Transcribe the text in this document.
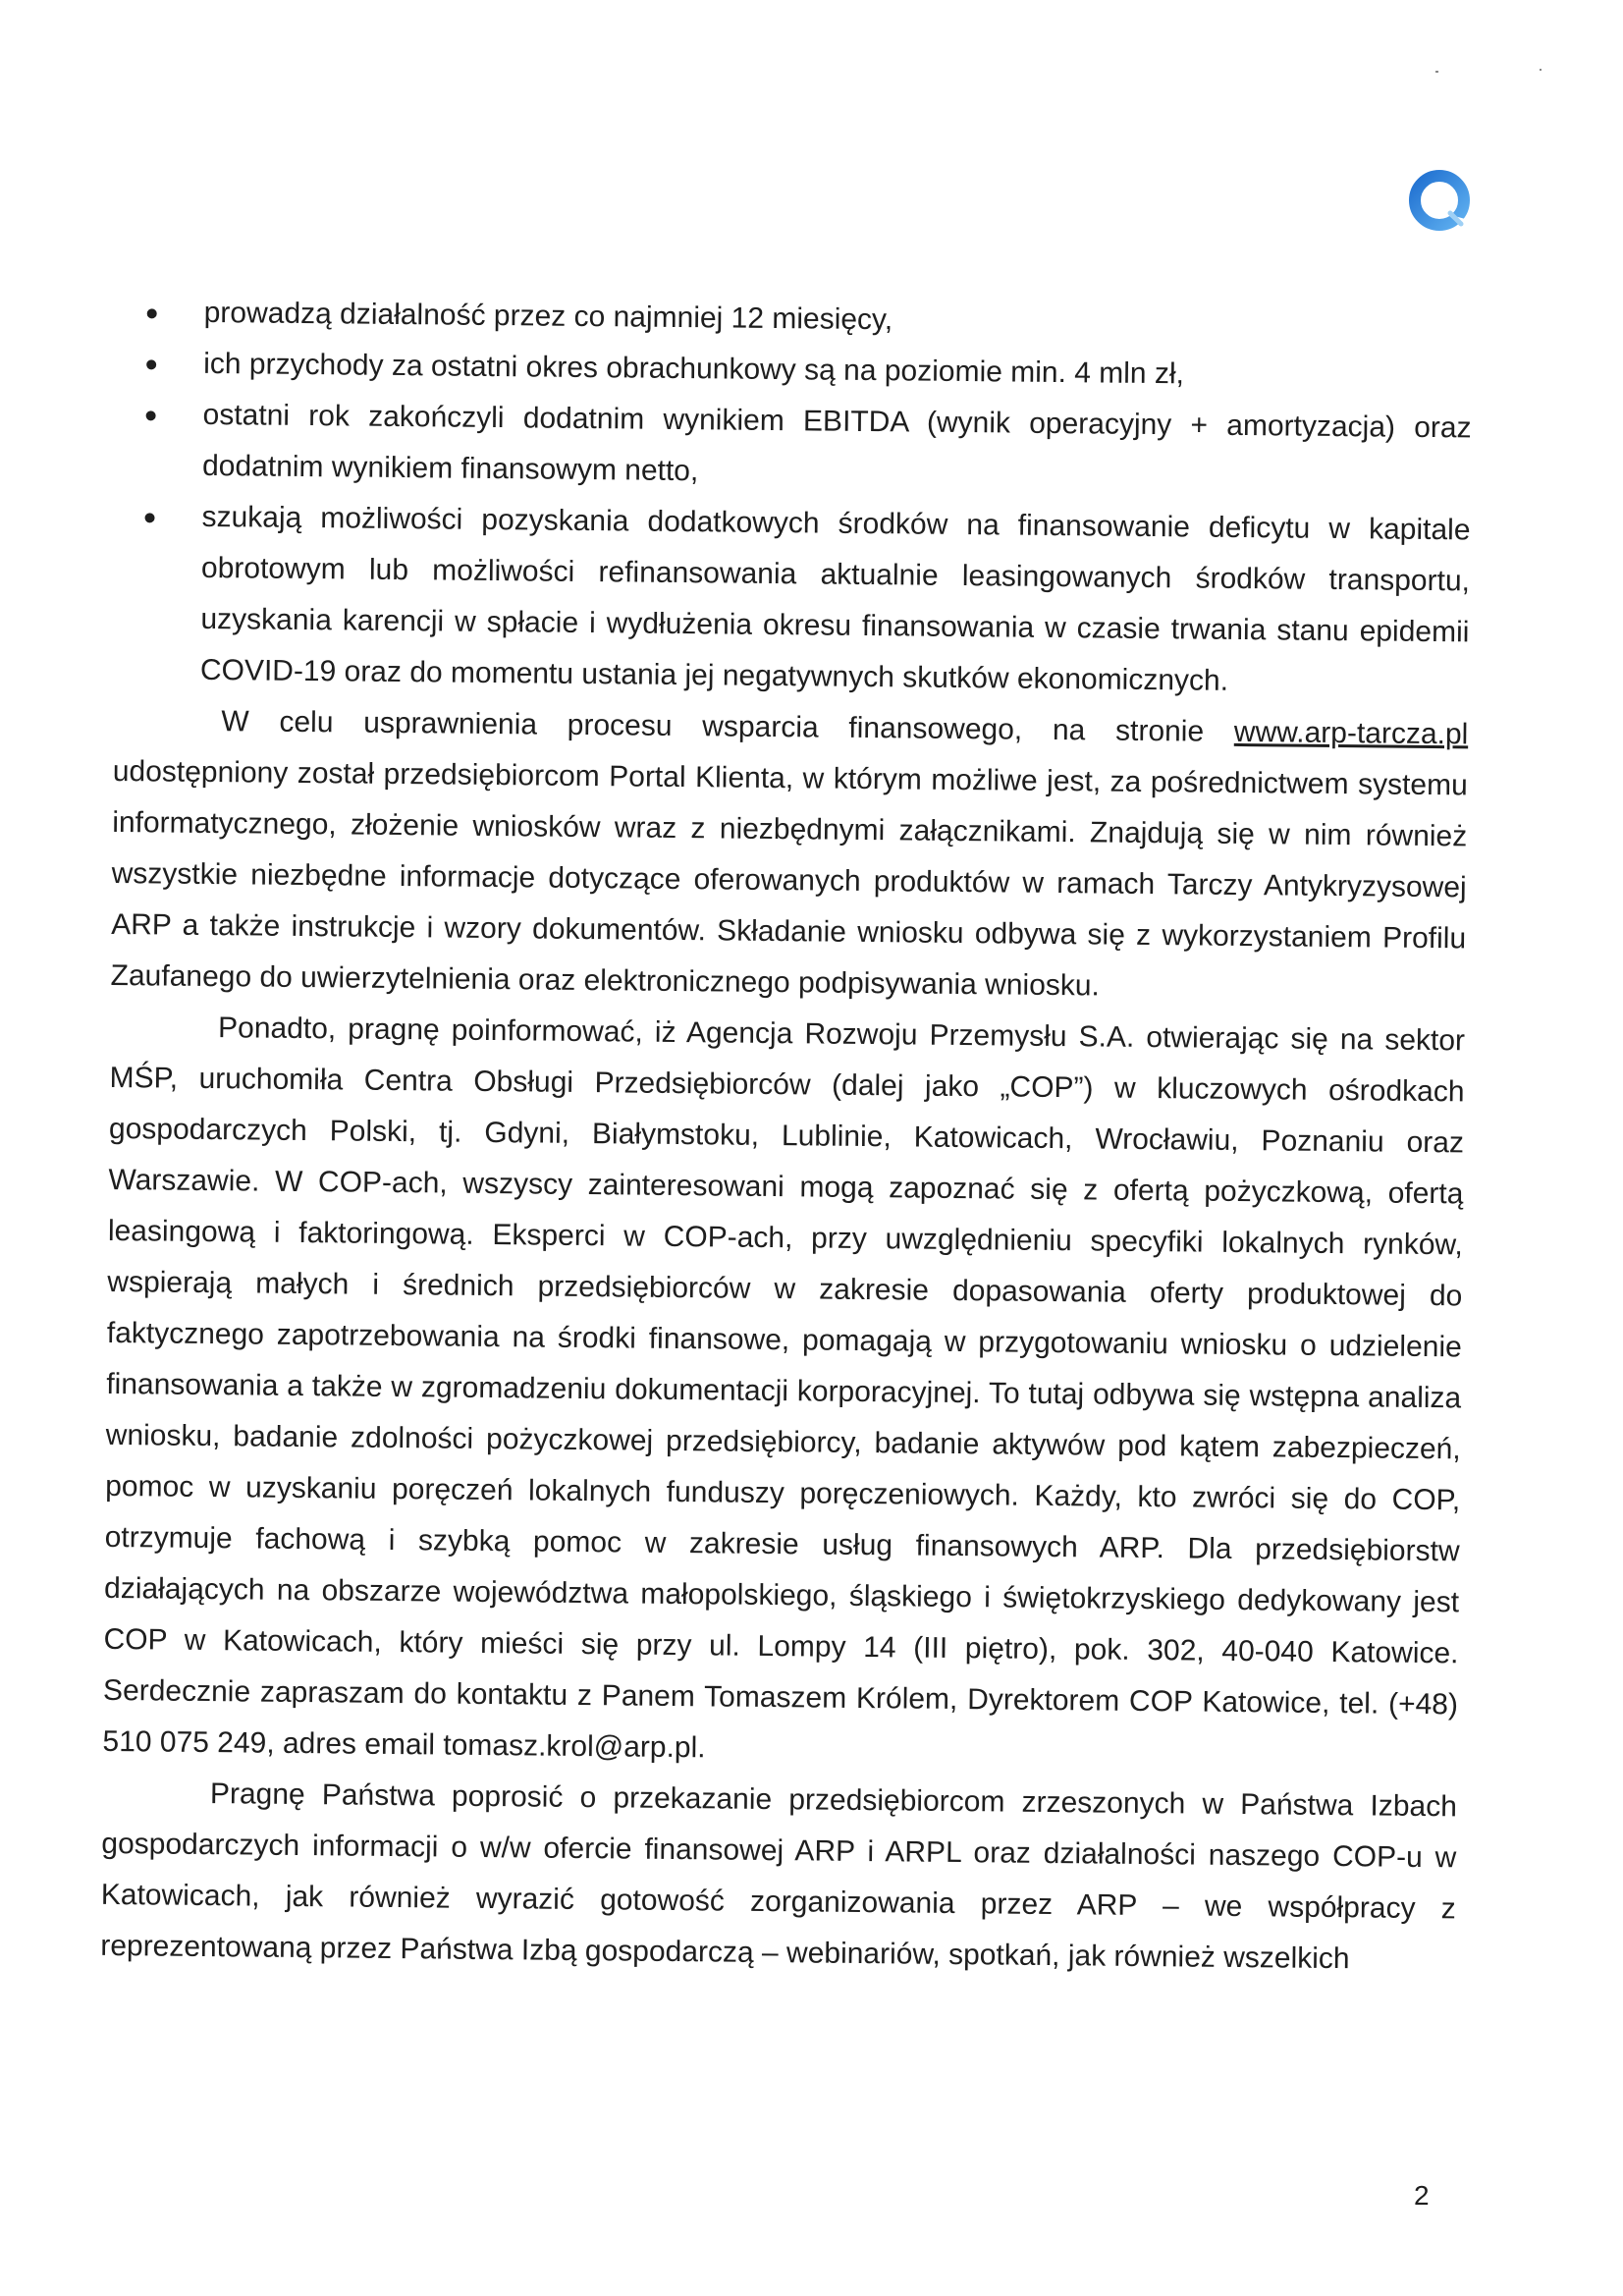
prowadzą działalność przez co najmniej 12 miesięcy,
ich przychody za ostatni okres obrachunkowy są na poziomie min. 4 mln zł,
ostatni rok zakończyli dodatnim wynikiem EBITDA (wynik operacyjny + amortyzacja) oraz dodatnim wynikiem finansowym netto,
szukają możliwości pozyskania dodatkowych środków na finansowanie deficytu w kapitale obrotowym lub możliwości refinansowania aktualnie leasingowanych środków transportu, uzyskania karencji w spłacie i wydłużenia okresu finansowania w czasie trwania stanu epidemii COVID-19 oraz do momentu ustania jej negatywnych skutków ekonomicznych.

W celu usprawnienia procesu wsparcia finansowego, na stronie www.arp-tarcza.pl udostępniony został przedsiębiorcom Portal Klienta, w którym możliwe jest, za pośrednictwem systemu informatycznego, złożenie wniosków wraz z niezbędnymi załącznikami. Znajdują się w nim również wszystkie niezbędne informacje dotyczące oferowanych produktów w ramach Tarczy Antykryzysowej ARP a także instrukcje i wzory dokumentów. Składanie wniosku odbywa się z wykorzystaniem Profilu Zaufanego do uwierzytelnienia oraz elektronicznego podpisywania wniosku.

Ponadto, pragnę poinformować, iż Agencja Rozwoju Przemysłu S.A. otwierając się na sektor MŚP, uruchomiła Centra Obsługi Przedsiębiorców (dalej jako „COP”) w kluczowych ośrodkach gospodarczych Polski, tj. Gdyni, Białymstoku, Lublinie, Katowicach, Wrocławiu, Poznaniu oraz Warszawie. W COP-ach, wszyscy zainteresowani mogą zapoznać się z ofertą pożyczkową, ofertą leasingową i faktoringową. Eksperci w COP-ach, przy uwzględnieniu specyfiki lokalnych rynków, wspierają małych i średnich przedsiębiorców w zakresie dopasowania oferty produktowej do faktycznego zapotrzebowania na środki finansowe, pomagają w przygotowaniu wniosku o udzielenie finansowania a także w zgromadzeniu dokumentacji korporacyjnej. To tutaj odbywa się wstępna analiza wniosku, badanie zdolności pożyczkowej przedsiębiorcy, badanie aktywów pod kątem zabezpieczeń, pomoc w uzyskaniu poręczeń lokalnych funduszy poręczeniowych. Każdy, kto zwróci się do COP, otrzymuje fachową i szybką pomoc w zakresie usług finansowych ARP. Dla przedsiębiorstw działających na obszarze województwa małopolskiego, śląskiego i świętokrzyskiego dedykowany jest COP w Katowicach, który mieści się przy ul. Lompy 14 (III piętro), pok. 302, 40-040 Katowice. Serdecznie zapraszam do kontaktu z Panem Tomaszem Królem, Dyrektorem COP Katowice, tel. (+48) 510 075 249, adres email tomasz.krol@arp.pl.

Pragnę Państwa poprosić o przekazanie przedsiębiorcom zrzeszonych w Państwa Izbach gospodarczych informacji o w/w ofercie finansowej ARP i ARPL oraz działalności naszego COP-u w Katowicach, jak również wyrazić gotowość zorganizowania przez ARP – we współpracy z reprezentowaną przez Państwa Izbą gospodarczą – webinariów, spotkań, jak również wszelkich

2
